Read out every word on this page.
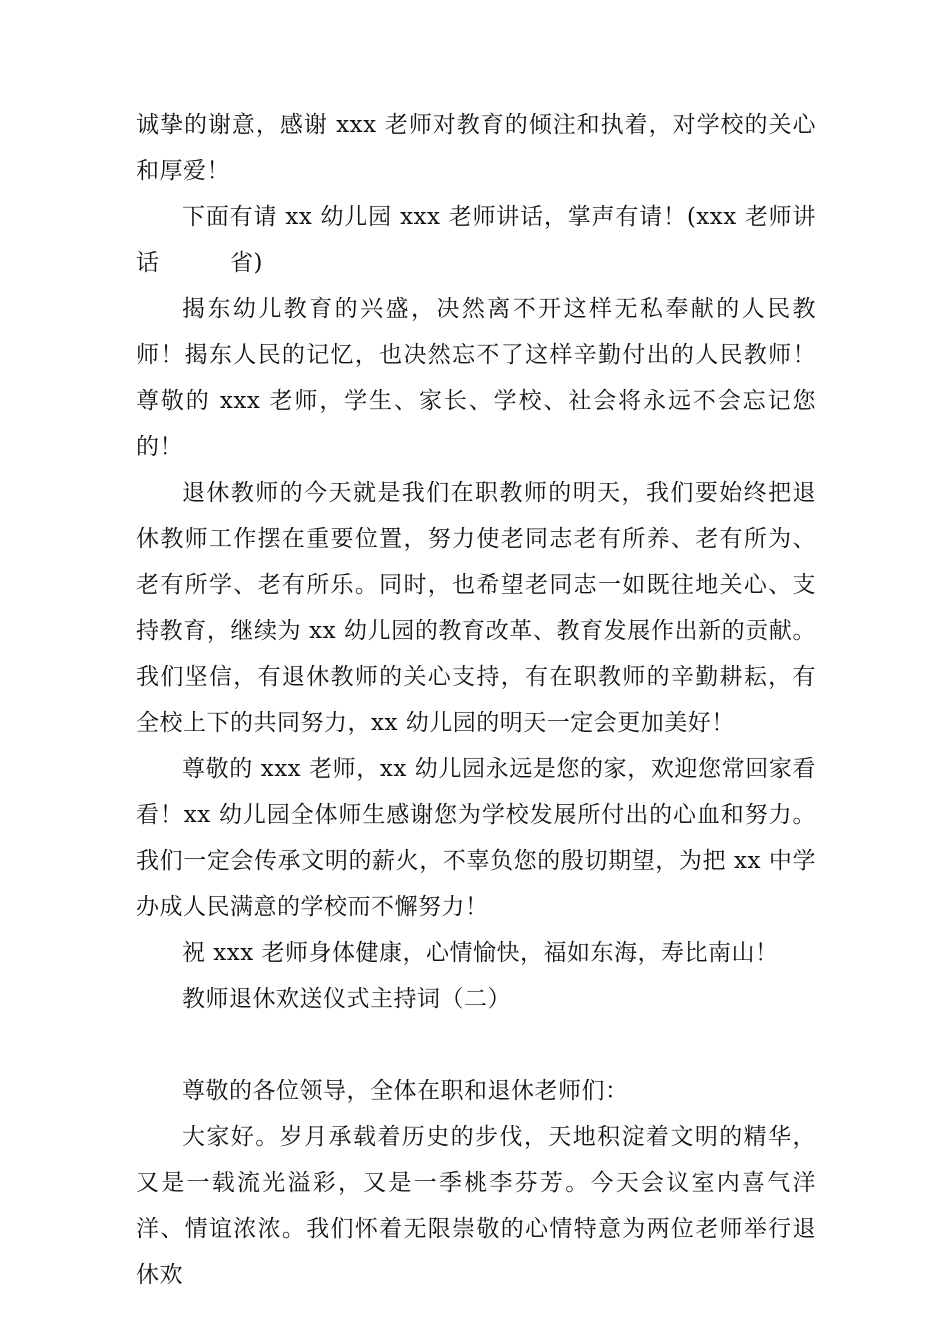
诚挚的谢意，感谢 xxx 老师对教育的倾注和执着，对学校的关心和厚爱！

下面有请 xx 幼儿园 xxx 老师讲话，掌声有请！(xxx 老师讲话　　　省)

揭东幼儿教育的兴盛，决然离不开这样无私奉献的人民教师！揭东人民的记忆，也决然忘不了这样辛勤付出的人民教师！尊敬的 xxx 老师，学生、家长、学校、社会将永远不会忘记您的！

退休教师的今天就是我们在职教师的明天，我们要始终把退休教师工作摆在重要位置，努力使老同志老有所养、老有所为、老有所学、老有所乐。同时，也希望老同志一如既往地关心、支持教育，继续为 xx 幼儿园的教育改革、教育发展作出新的贡献。我们坚信，有退休教师的关心支持，有在职教师的辛勤耕耘，有全校上下的共同努力，xx 幼儿园的明天一定会更加美好！

尊敬的 xxx 老师，xx 幼儿园永远是您的家，欢迎您常回家看看！xx 幼儿园全体师生感谢您为学校发展所付出的心血和努力。我们一定会传承文明的薪火，不辜负您的殷切期望，为把 xx 中学办成人民满意的学校而不懈努力！

祝 xxx 老师身体健康，心情愉快，福如东海，寿比南山！

教师退休欢送仪式主持词（二）

尊敬的各位领导，全体在职和退休老师们：

大家好。岁月承载着历史的步伐，天地积淀着文明的精华，又是一载流光溢彩，又是一季桃李芬芳。今天会议室内喜气洋洋、情谊浓浓。我们怀着无限崇敬的心情特意为两位老师举行退休欢
